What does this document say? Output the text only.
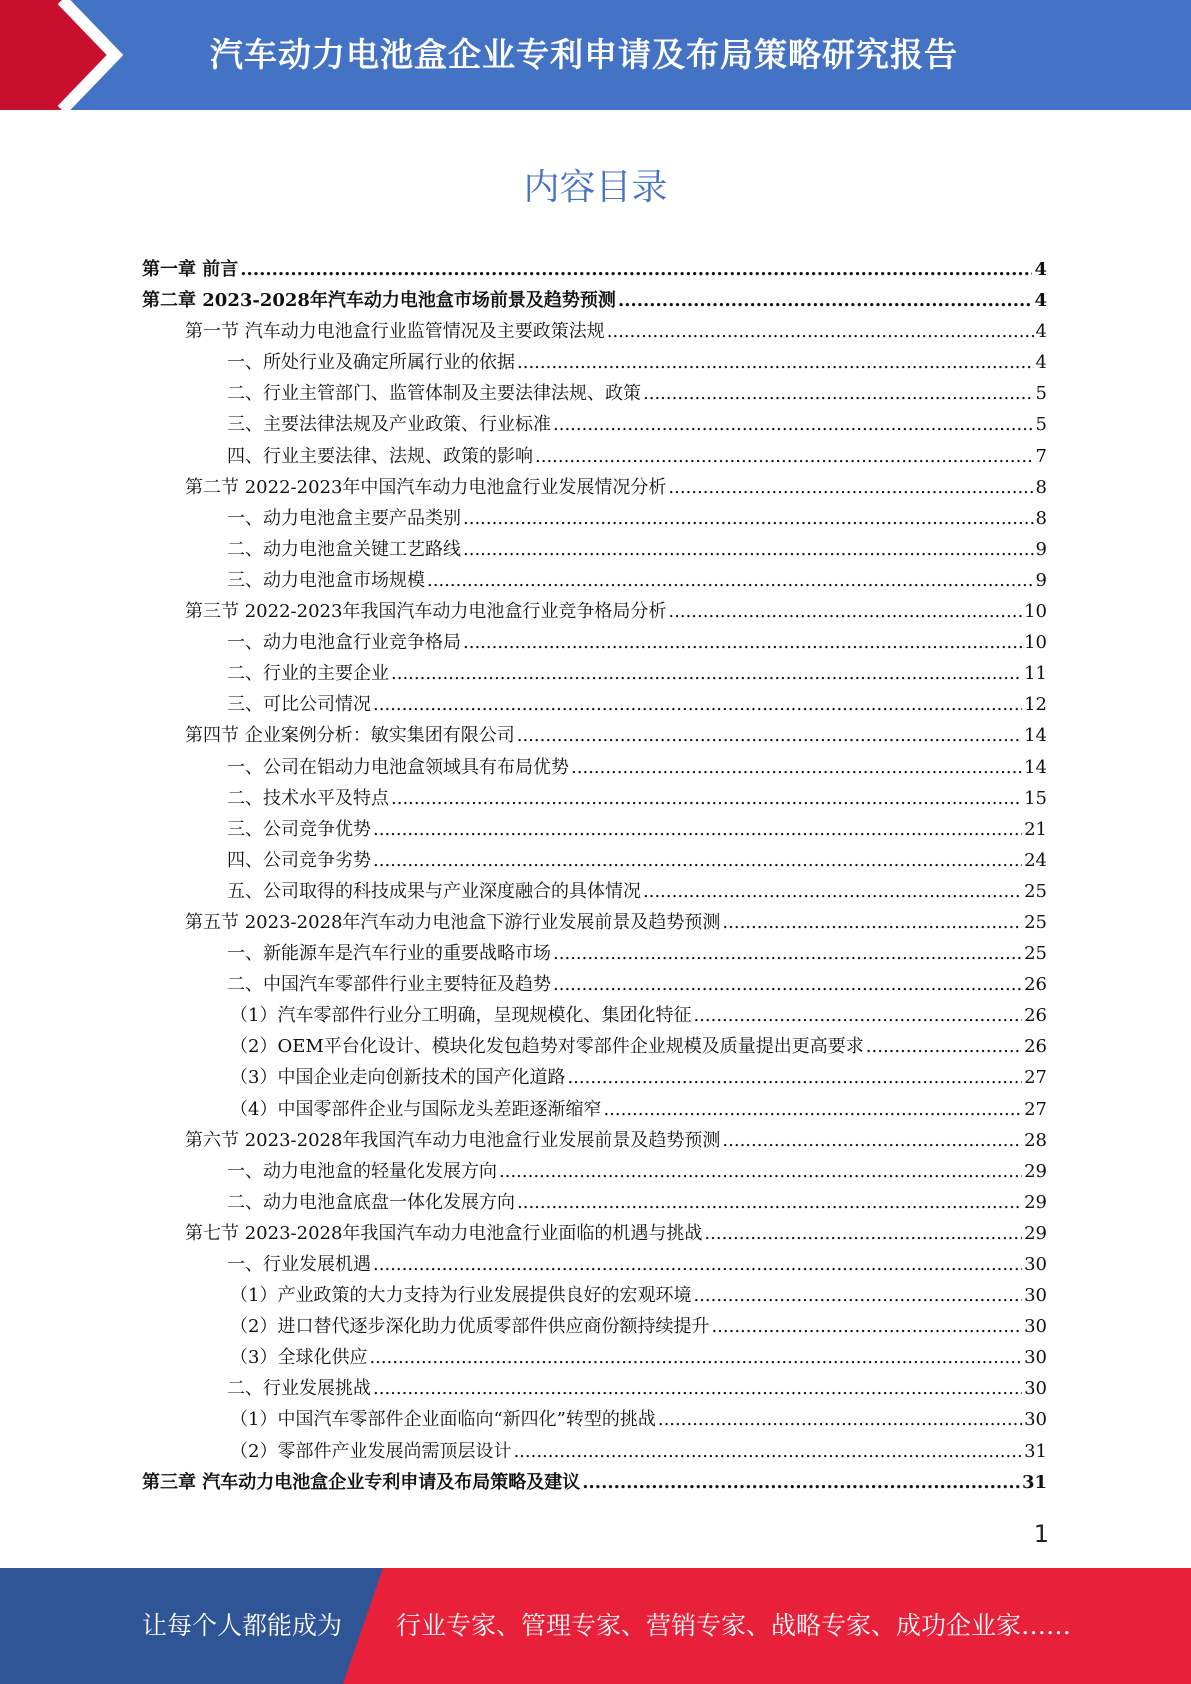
汽车动力电池盒企业专利申请及布局策略研究报告
内容目录
第一章 前言 .....	4
第二章 2023-2028年汽车动力电池盒市场前景及趋势预测 .....	4
第一节 汽车动力电池盒行业监管情况及主要政策法规 .....	4
一、所处行业及确定所属行业的依据 .....	4
二、行业主管部门、监管体制及主要法律法规、政策 .....	5
三、主要法律法规及产业政策、行业标准 .....	5
四、行业主要法律、法规、政策的影响 .....	7
第二节 2022-2023年中国汽车动力电池盒行业发展情况分析 .....	8
一、动力电池盒主要产品类别 .....	8
二、动力电池盒关键工艺路线 .....	9
三、动力电池盒市场规模 .....	9
第三节 2022-2023年我国汽车动力电池盒行业竞争格局分析 .....	10
一、动力电池盒行业竞争格局 .....	10
二、行业的主要企业 .....	11
三、可比公司情况 .....	12
第四节 企业案例分析：敏实集团有限公司 .....	14
一、公司在铝动力电池盒领域具有布局优势 .....	14
二、技术水平及特点 .....	15
三、公司竞争优势 .....	21
四、公司竞争劣势 .....	24
五、公司取得的科技成果与产业深度融合的具体情况 .....	25
第五节 2023-2028年汽车动力电池盒下游行业发展前景及趋势预测 .....	25
一、新能源车是汽车行业的重要战略市场 .....	25
二、中国汽车零部件行业主要特征及趋势 .....	26
（1）汽车零部件行业分工明确，呈现规模化、集团化特征 .....	26
（2）OEM平台化设计、模块化发包趋势对零部件企业规模及质量提出更高要求 .....	26
（3）中国企业走向创新技术的国产化道路 .....	27
（4）中国零部件企业与国际龙头差距逐渐缩窄 .....	27
第六节 2023-2028年我国汽车动力电池盒行业发展前景及趋势预测 .....	28
一、动力电池盒的轻量化发展方向 .....	29
二、动力电池盒底盘一体化发展方向 .....	29
第七节 2023-2028年我国汽车动力电池盒行业面临的机遇与挑战 .....	29
一、行业发展机遇 .....	30
（1）产业政策的大力支持为行业发展提供良好的宏观环境 .....	30
（2）进口替代逐步深化助力优质零部件供应商份额持续提升 .....	30
（3）全球化供应 .....	30
二、行业发展挑战 .....	30
（1）中国汽车零部件企业面临向“新四化”转型的挑战 .....	30
（2）零部件产业发展尚需顶层设计 .....	31
第三章 汽车动力电池盒企业专利申请及布局策略及建议 .....	31
1
让每个人都能成为 行业专家、管理专家、营销专家、战略专家、成功企业家……
